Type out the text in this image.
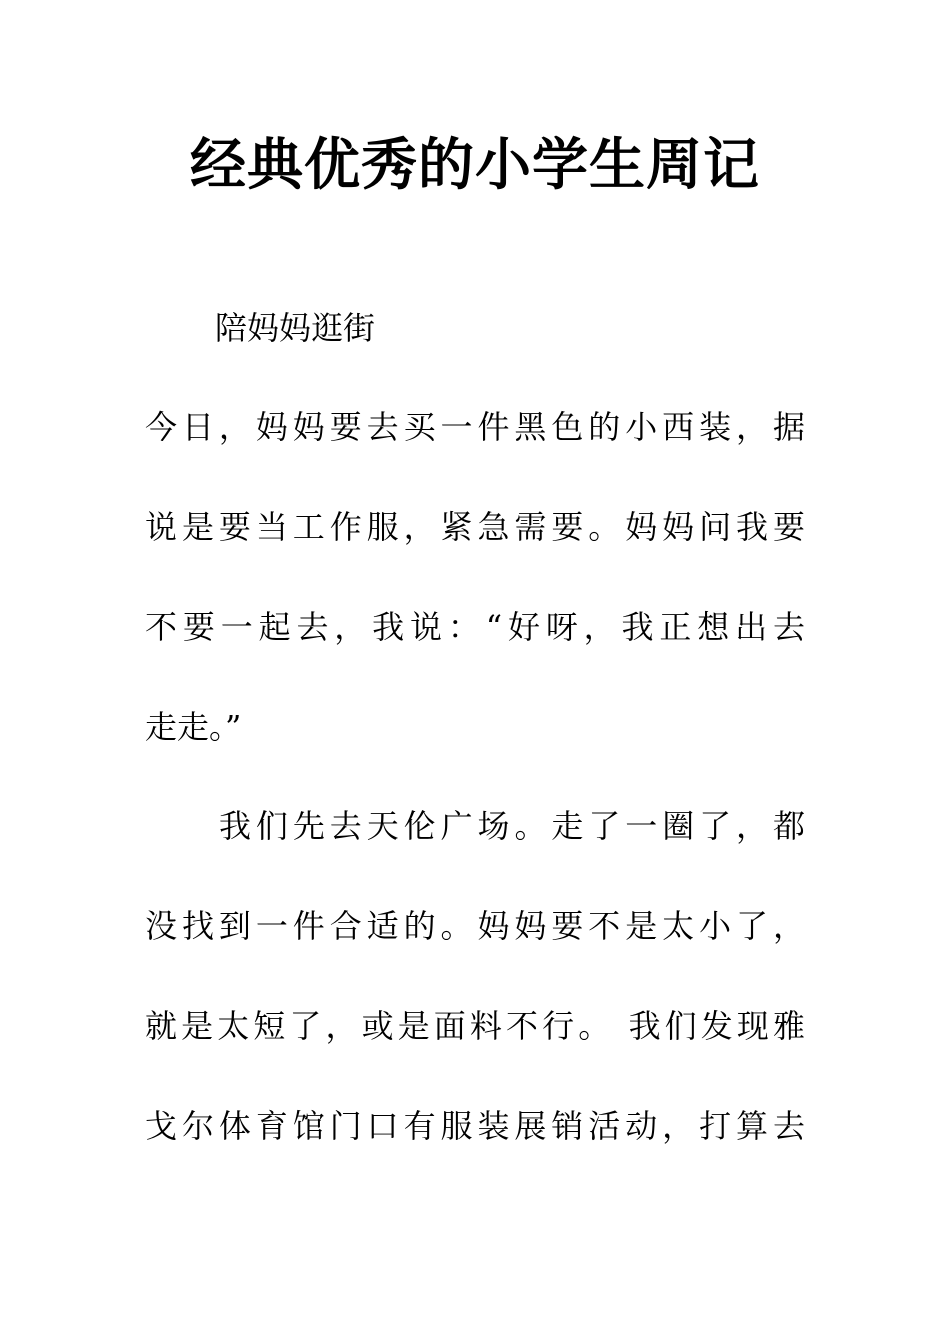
经典优秀的小学生周记

陪妈妈逛街

今日，妈妈要去买一件黑色的小西装，据

说是要当工作服，紧急需要。妈妈问我要

不要一起去，我说：“好呀，我正想出去

走走。”

我们先去天伦广场。走了一圈了，都

没找到一件合适的。妈妈要不是太小了，

就是太短了，或是面料不行。 我们发现雅

戈尔体育馆门口有服装展销活动，打算去
